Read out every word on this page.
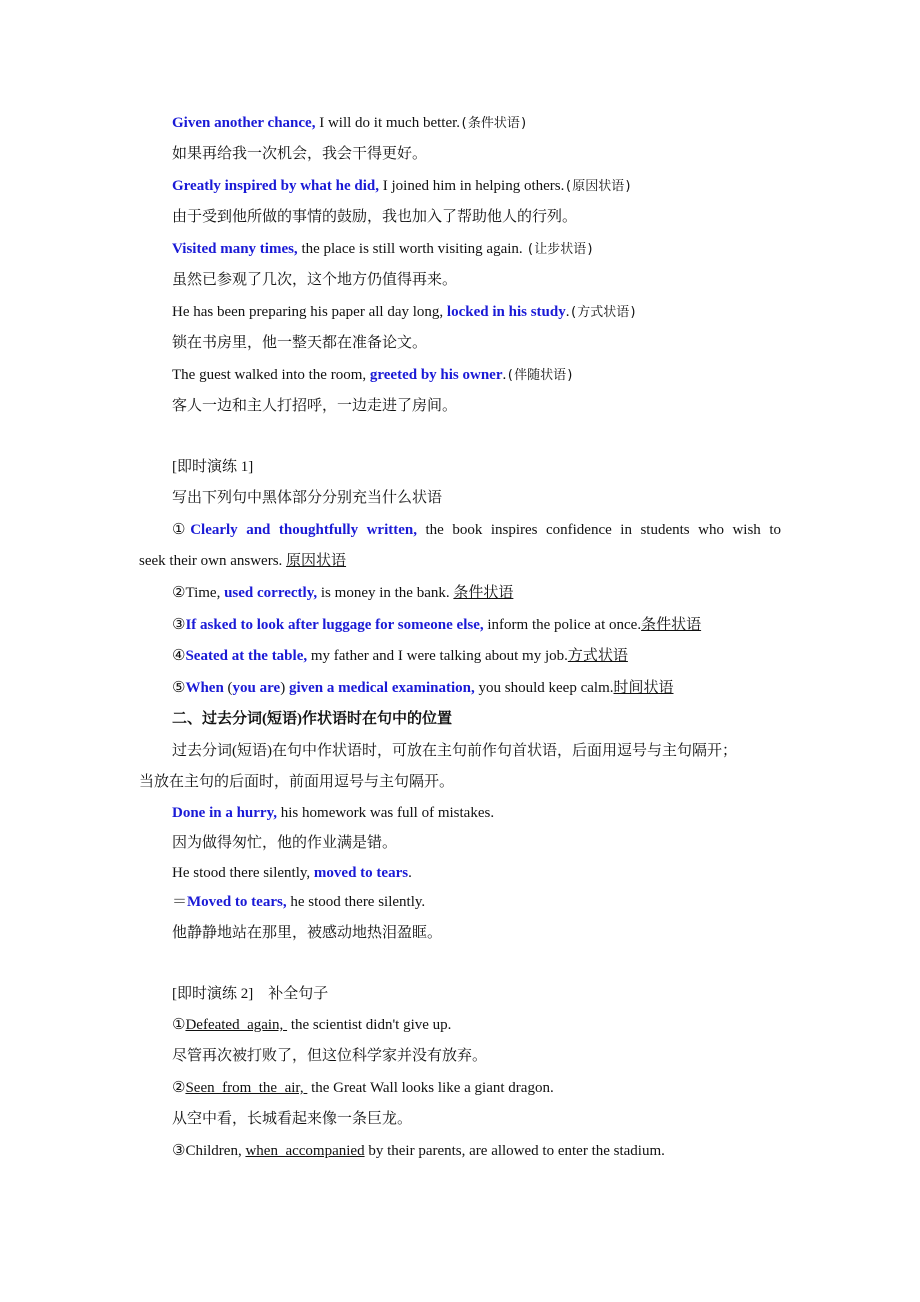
Given another chance, I will do it much better.(条件状语)
如果再给我一次机会，我会干得更好。
Greatly inspired by what he did, I joined him in helping others.(原因状语)
由于受到他所做的事情的鼓励，我也加入了帮助他人的行列。
Visited many times, the place is still worth visiting again. (让步状语)
虽然已参观了几次，这个地方仍值得再来。
He has been preparing his paper all day long, locked in his study.(方式状语)
锁在书房里，他一整天都在准备论文。
The guest walked into the room, greeted by his owner.(伴随状语)
客人一边和主人打招呼，一边走进了房间。
[即时演练 1]
写出下列句中黑体部分分别充当什么状语
①Clearly and thoughtfully written, the book inspires confidence in students who wish to
seek their own answers. 原因状语
②Time, used correctly, is money in the bank. 条件状语
③If asked to look after luggage for someone else, inform the police at once.条件状语
④Seated at the table, my father and I were talking about my job.方式状语
⑤When (you are) given a medical examination, you should keep calm.时间状语
二、过去分词(短语)作状语时在句中的位置
过去分词(短语)在句中作状语时，可放在主句前作句首状语，后面用逗号与主句隔开；
当放在主句的后面时，前面用逗号与主句隔开。
Done in a hurry, his homework was full of mistakes.
因为做得匆忙，他的作业满是错。
He stood there silently, moved to tears.
＝Moved to tears, he stood there silently.
他静静地站在那里，被感动地热泪盈眶。
[即时演练 2]　补全句子
①Defeated  again,  the scientist didn't give up.
尽管再次被打败了，但这位科学家并没有放弃。
②Seen  from  the  air,  the Great Wall looks like a giant dragon.
从空中看，长城看起来像一条巨龙。
③Children, when  accompanied by their parents, are allowed to enter the stadium.
